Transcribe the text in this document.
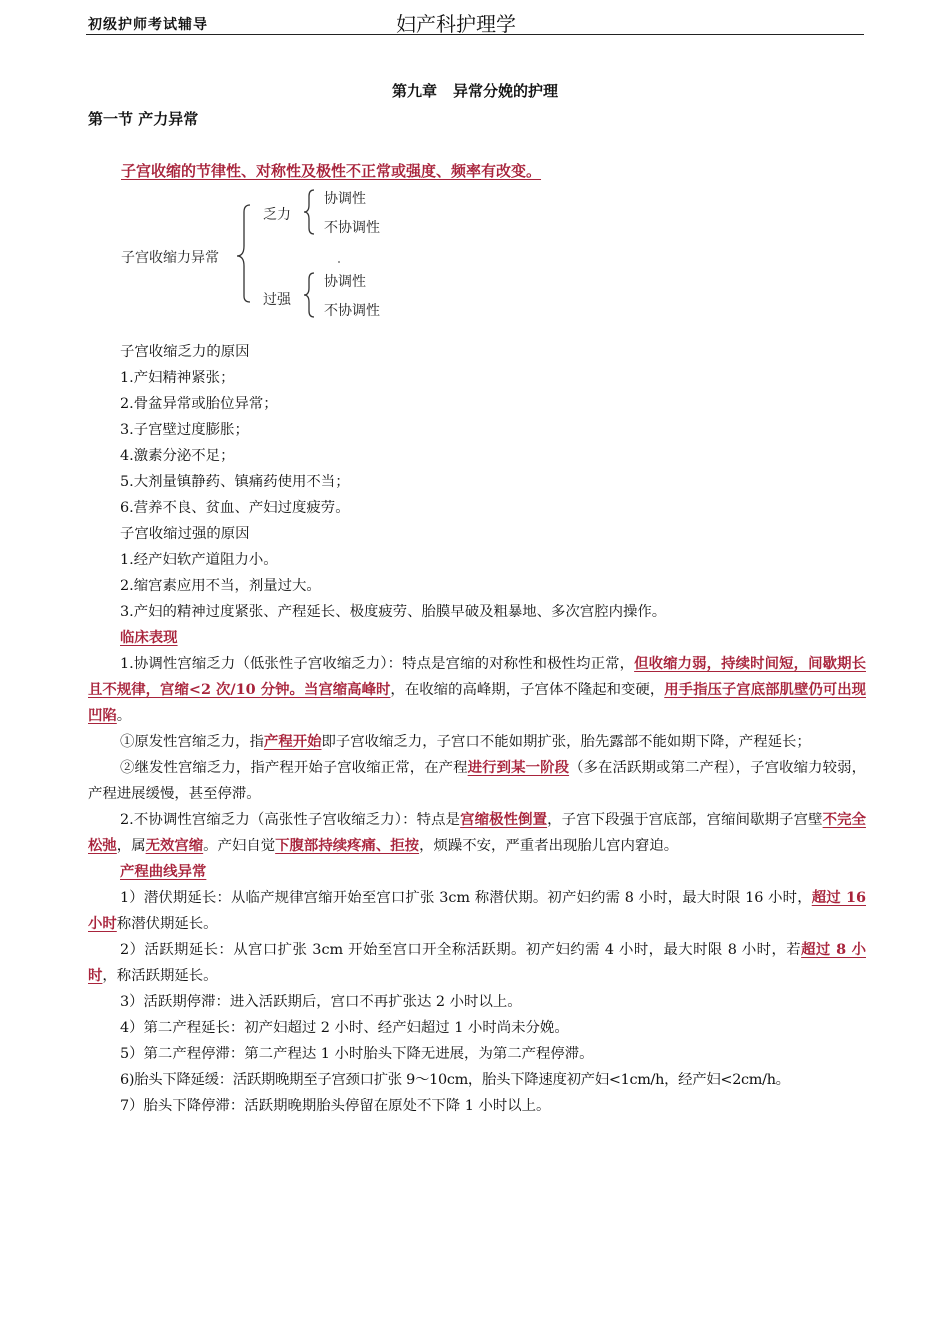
初级护师考试辅导	妇产科护理学
第九章 异常分娩的护理
第一节 产力异常
子宫收缩的节律性、对称性及极性不正常或强度、频率有改变。
子宫收缩力异常
乏力
过强
协调性
不协调性
协调性
不协调性

子宫收缩乏力的原因

1.产妇精神紧张；

2.骨盆异常或胎位异常；

3.子宫壁过度膨胀；

4.激素分泌不足；

5.大剂量镇静药、镇痛药使用不当；

6.营养不良、贫血、产妇过度疲劳。

子宫收缩过强的原因

1.经产妇软产道阻力小。

2.缩宫素应用不当，剂量过大。

3.产妇的精神过度紧张、产程延长、极度疲劳、胎膜早破及粗暴地、多次宫腔内操作。

临床表现

1.协调性宫缩乏力（低张性子宫收缩乏力）：特点是宫缩的对称性和极性均正常，但收缩力弱，持续时间短，间歇期长且不规律，宫缩<2 次/10 分钟。当宫缩高峰时，在收缩的高峰期，子宫体不隆起和变硬，用手指压子宫底部肌壁仍可出现凹陷。

①原发性宫缩乏力，指产程开始即子宫收缩乏力，子宫口不能如期扩张，胎先露部不能如期下降，产程延长；

②继发性宫缩乏力，指产程开始子宫收缩正常，在产程进行到某一阶段（多在活跃期或第二产程），子宫收缩力较弱，产程进展缓慢，甚至停滞。

2.不协调性宫缩乏力（高张性子宫收缩乏力）：特点是宫缩极性倒置，子宫下段强于宫底部，宫缩间歇期子宫壁不完全松弛，属无效宫缩。产妇自觉下腹部持续疼痛、拒按，烦躁不安，严重者出现胎儿宫内窘迫。

产程曲线异常

1）潜伏期延长：从临产规律宫缩开始至宫口扩张 3cm 称潜伏期。初产妇约需 8 小时，最大时限 16 小时，超过 16 小时称潜伏期延长。

2）活跃期延长：从宫口扩张 3cm 开始至宫口开全称活跃期。初产妇约需 4 小时，最大时限 8 小时，若超过 8 小时，称活跃期延长。

3）活跃期停滞：进入活跃期后，宫口不再扩张达 2 小时以上。

4）第二产程延长：初产妇超过 2 小时、经产妇超过 1 小时尚未分娩。

5）第二产程停滞：第二产程达 1 小时胎头下降无进展，为第二产程停滞。

6)胎头下降延缓：活跃期晚期至子宫颈口扩张 9～10cm，胎头下降速度初产妇<1cm/h，经产妇<2cm/h。

7）胎头下降停滞：活跃期晚期胎头停留在原处不下降 1 小时以上。
